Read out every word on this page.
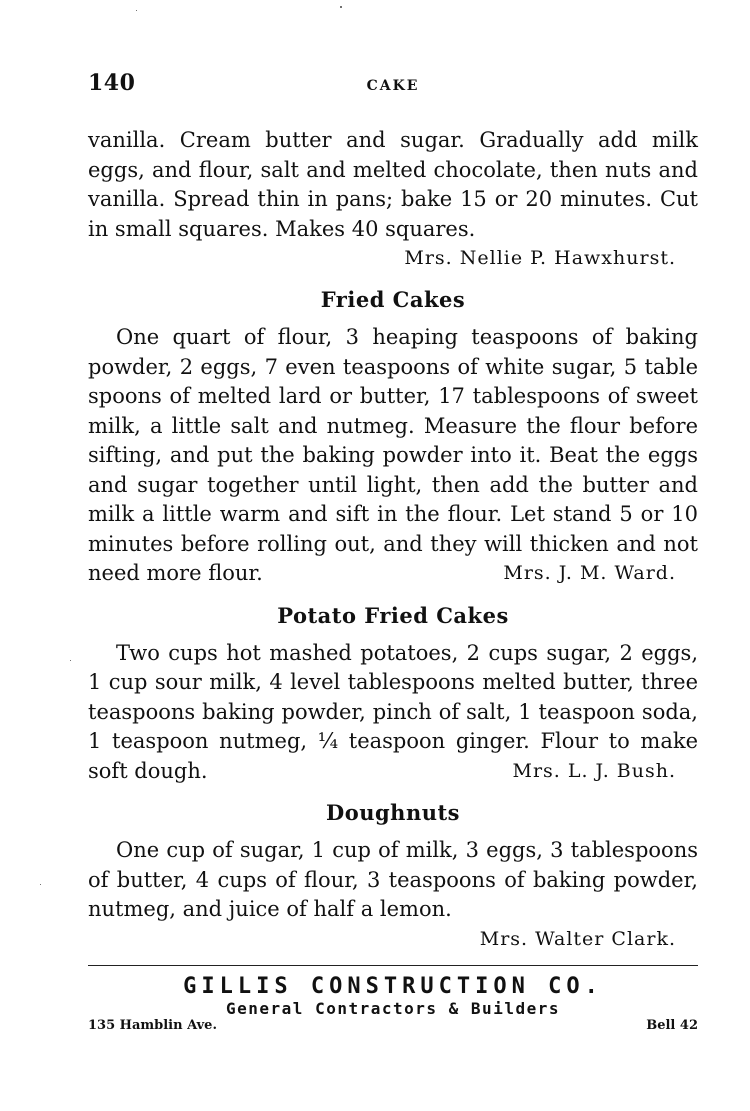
140	CAKE

vanilla. Cream butter and sugar. Gradually add milk eggs, and flour, salt and melted chocolate, then nuts and vanilla. Spread thin in pans; bake 15 or 20 minutes. Cut in small squares. Makes 40 squares.

Mrs. Nellie P. Hawxhurst.
Fried Cakes

One quart of flour, 3 heaping teaspoons of baking powder, 2 eggs, 7 even teaspoons of white sugar, 5 table spoons of melted lard or butter, 17 tablespoons of sweet milk, a little salt and nutmeg. Measure the flour before sifting, and put the baking powder into it. Beat the eggs and sugar together until light, then add the butter and milk a little warm and sift in the flour. Let stand 5 or 10 minutes before rolling out, and they will thicken and not need more flour.	Mrs. J. M. Ward.

Potato Fried Cakes

Two cups hot mashed potatoes, 2 cups sugar, 2 eggs, 1 cup sour milk, 4 level tablespoons melted butter, three teaspoons baking powder, pinch of salt, 1 teaspoon soda, 1 teaspoon nutmeg, ¼ teaspoon ginger. Flour to make soft dough.	Mrs. L. J. Bush.

Doughnuts

One cup of sugar, 1 cup of milk, 3 eggs, 3 tablespoons of butter, 4 cups of flour, 3 teaspoons of baking powder, nutmeg, and juice of half a lemon.

Mrs. Walter Clark.
GILLIS CONSTRUCTION CO.
General Contractors & Builders
135 Hamblin Ave.	Bell 42
